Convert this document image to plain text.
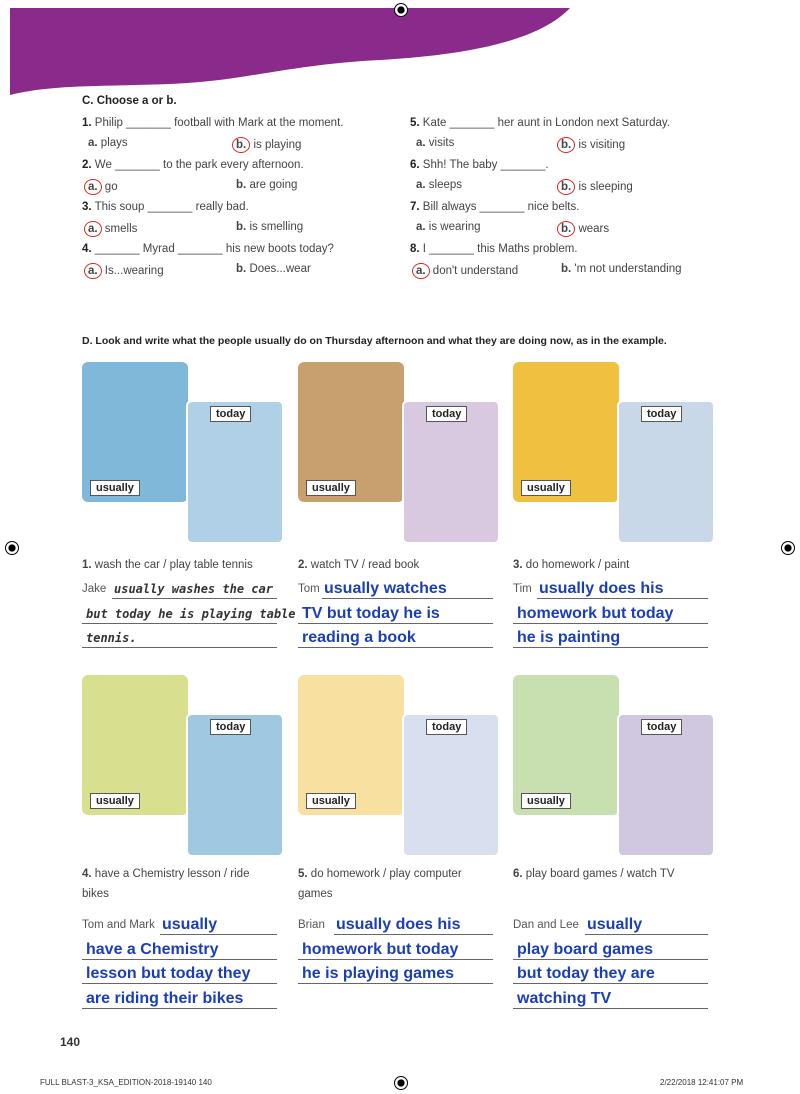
C. Choose a or b.
1. Philip _______ football with Mark at the moment.
a. plays	b. is playing
2. We _______ to the park every afternoon.
a. go	b. are going
3. This soup _______ really bad.
a. smells	b. is smelling
4. _______ Myrad _______ his new boots today?
a. Is...wearing	b. Does...wear
5. Kate _______ her aunt in London next Saturday.
a. visits	b. is visiting
6. Shh! The baby _______.
a. sleeps	b. is sleeping
7. Bill always _______ nice belts.
a. is wearing	b. wears
8. I _______ this Maths problem.
a. don't understand	b. 'm not understanding
D. Look and write what the people usually do on Thursday afternoon and what they are doing now, as in the example.
usually
today
1. wash the car / play table tennis
Jake usually washes the car
but today he is playing table
tennis.
usually
today
2. watch TV / read book
Tom usually watches
TV but today he is
reading a book
usually
today
3. do homework / paint
Tim usually does his
homework but today
he is painting
usually
today
4. have a Chemistry lesson / ride bikes
Tom and Mark usually
have a Chemistry
lesson but today they
are riding their bikes
usually
today
5. do homework / play computer games
Brian usually does his
homework but today
he is playing games
usually
today
6. play board games / watch TV
Dan and Lee usually
play board games
but today they are
watching TV
140
FULL BLAST-3_KSA_EDITION-2018-19140 140	2/22/2018 12:41:07 PM
